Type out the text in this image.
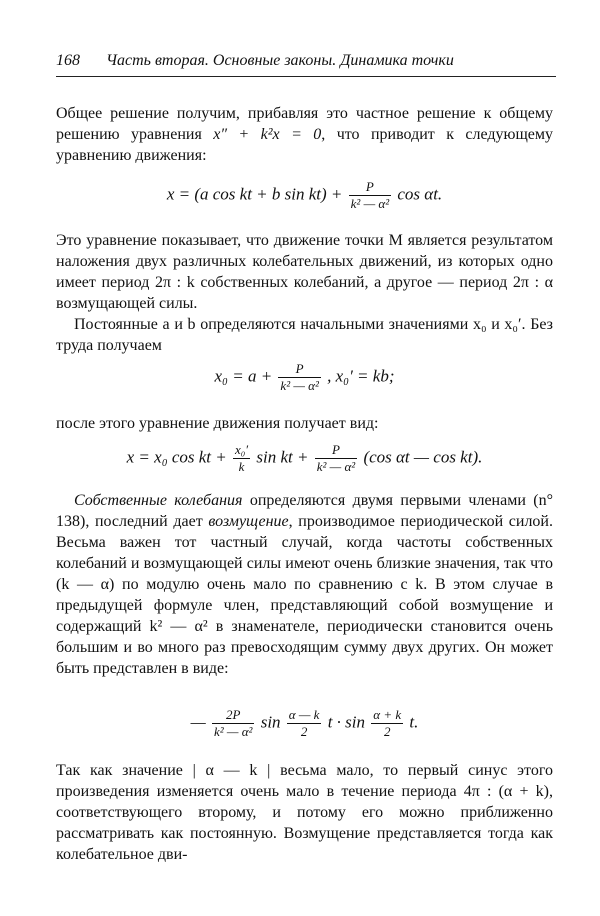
168 Часть вторая. Основные законы. Динамика точки

Общее решение получим, прибавляя это частное решение к общему решению уравнения x″ + k²x = 0, что приводит к следующему уравнению движения:

x = (a cos kt + b $\sin kt) + \frac{P}{\text{k² — α²}}$ cos αt.

Это уравнение показывает, что движение точки M является результатом наложения двух различных колебательных движений, из которых одно имеет период 2π : k собственных колебаний, а другое — период 2π : α возмущающей силы.

Постоянные a и b определяются начальными значениями x₀ и x₀′. Без труда получаем

$x_0 = a + \frac{P}{\text{k² — α²}}$ , x₀′ = kb;

после этого уравнение движения получает вид:

x = x₀ cos kt + $\frac{\text{x₀′}}{k}$ sin kt + $\frac{P}{\text{k² — α²}} (\cos$ αt — cos kt).

Собственные колебания определяются двумя первыми членами (n° 138), последний дает возмущение, производимое периодической силой. Весьма важен тот частный случай, когда частоты собственных колебаний и возмущающей силы имеют очень близкие значения, так что (k — α) по модулю очень мало по сравнению с k. В этом случае в предыдущей формуле член, представляющий собой возмущение и содержащий k² — α² в знаменателе, периодически становится очень большим и во много раз превосходящим сумму двух других. Он может быть представлен в виде:

— $\frac{2P}{\text{k² — α²}}$ $\sin \frac{\alpha — k}{2}$ $t \cdot \sin \frac{\alpha + k}{2} t$.

Так как значение | α — k | весьма мало, то первый синус этого произведения изменяется очень мало в течение периода 4π : (α + k), соответствующего второму, и потому его можно приближенно рассматривать как постоянную. Возмущение представляется тогда как колебательное дви-
